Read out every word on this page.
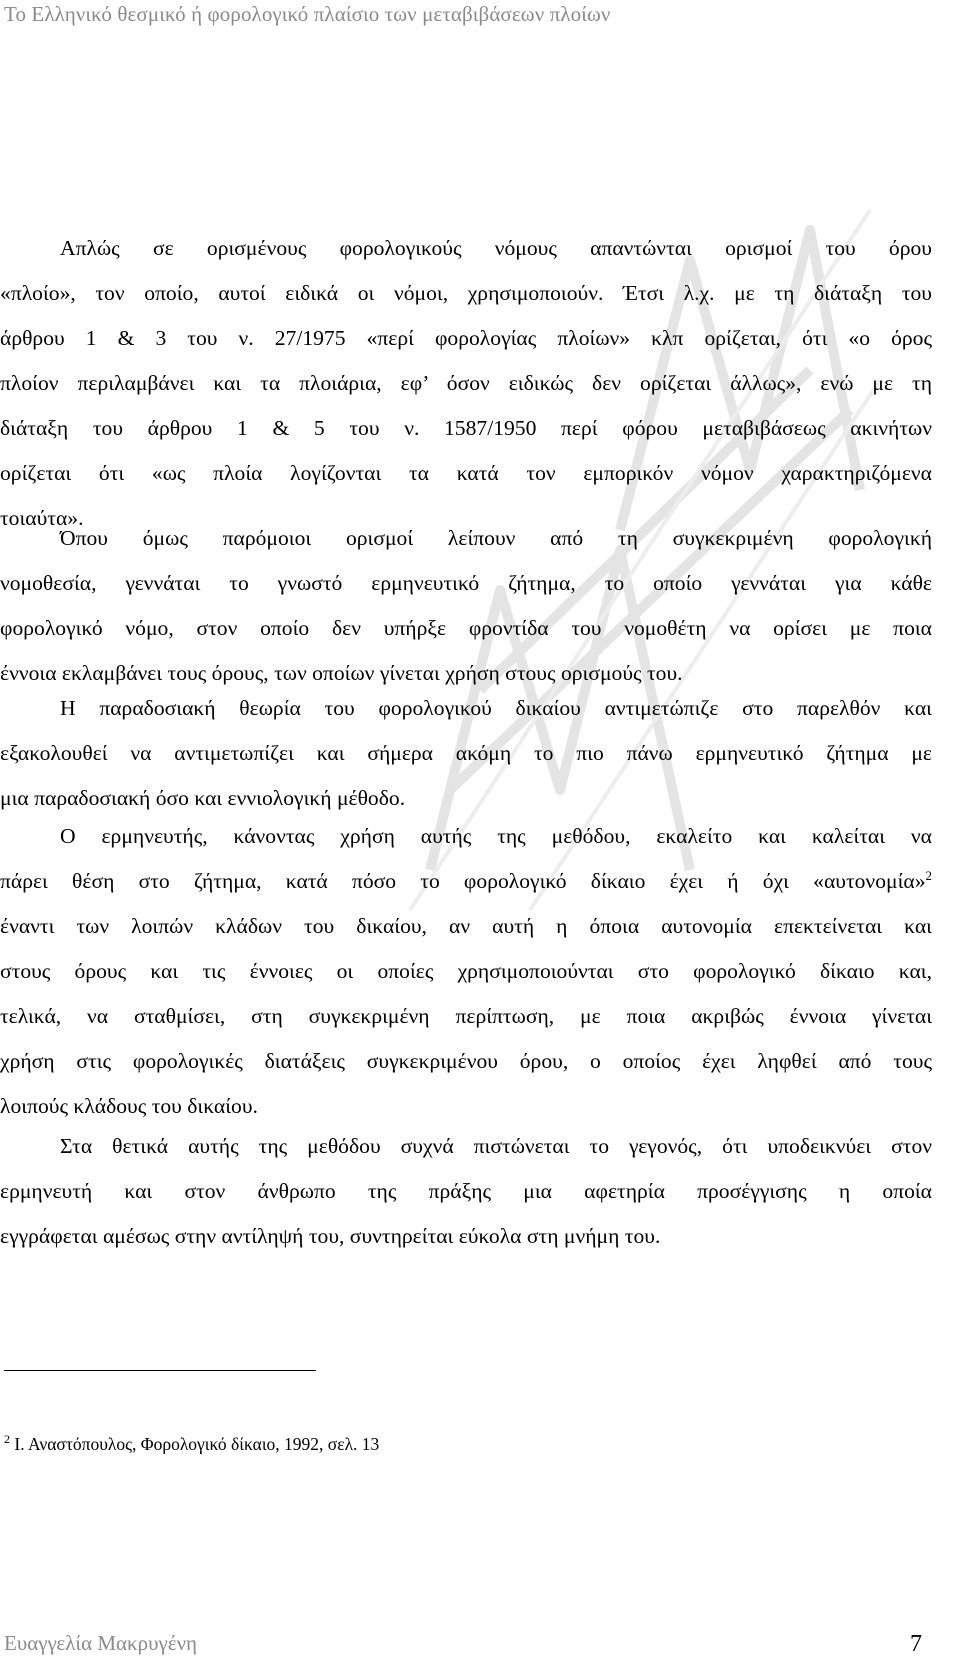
Το Ελληνικό θεσμικό ή φορολογικό πλαίσιο των μεταβιβάσεων πλοίων
Απλώς σε ορισμένους φορολογικούς νόμους απαντώνται ορισμοί του όρου
«πλοίο», τον οποίο, αυτοί ειδικά οι νόμοι, χρησιμοποιούν. Έτσι λ.χ. με τη διάταξη του
άρθρου 1 & 3 του ν. 27/1975 «περί φορολογίας πλοίων» κλπ ορίζεται, ότι «ο όρος
πλοίον περιλαμβάνει και τα πλοιάρια, εφ’ όσον ειδικώς δεν ορίζεται άλλως», ενώ με τη
διάταξη του άρθρου 1 & 5 του ν. 1587/1950 περί φόρου μεταβιβάσεως ακινήτων
ορίζεται ότι «ως πλοία λογίζονται τα κατά τον εμπορικόν νόμον χαρακτηριζόμενα
τοιαύτα».
Όπου όμως παρόμοιοι ορισμοί λείπουν από τη συγκεκριμένη φορολογική
νομοθεσία, γεννάται το γνωστό ερμηνευτικό ζήτημα, το οποίο γεννάται για κάθε
φορολογικό νόμο, στον οποίο δεν υπήρξε φροντίδα του νομοθέτη να ορίσει με ποια
έννοια εκλαμβάνει τους όρους, των οποίων γίνεται χρήση στους ορισμούς του.
Η παραδοσιακή θεωρία του φορολογικού δικαίου αντιμετώπιζε στο παρελθόν και
εξακολουθεί να αντιμετωπίζει και σήμερα ακόμη το πιο πάνω ερμηνευτικό ζήτημα με
μια παραδοσιακή όσο και εννιολογική μέθοδο.
Ο ερμηνευτής, κάνοντας χρήση αυτής της μεθόδου, εκαλείτο και καλείται να
πάρει θέση στο ζήτημα, κατά πόσο το φορολογικό δίκαιο έχει ή όχι «αυτονομία»$^2$
έναντι των λοιπών κλάδων του δικαίου, αν αυτή η όποια αυτονομία επεκτείνεται και
στους όρους και τις έννοιες οι οποίες χρησιμοποιούνται στο φορολογικό δίκαιο και,
τελικά, να σταθμίσει, στη συγκεκριμένη περίπτωση, με ποια ακριβώς έννοια γίνεται
χρήση στις φορολογικές διατάξεις συγκεκριμένου όρου, ο οποίος έχει ληφθεί από τους
λοιπούς κλάδους του δικαίου.
Στα θετικά αυτής της μεθόδου συχνά πιστώνεται το γεγονός, ότι υποδεικνύει στον
ερμηνευτή και στον άνθρωπο της πράξης μια αφετηρία προσέγγισης η οποία
εγγράφεται αμέσως στην αντίληψή του, συντηρείται εύκολα στη μνήμη του.
$^2$ Ι. Αναστόπουλος, Φορολογικό δίκαιο, 1992, σελ. 13
Ευαγγελία Μακρυγένη	7
